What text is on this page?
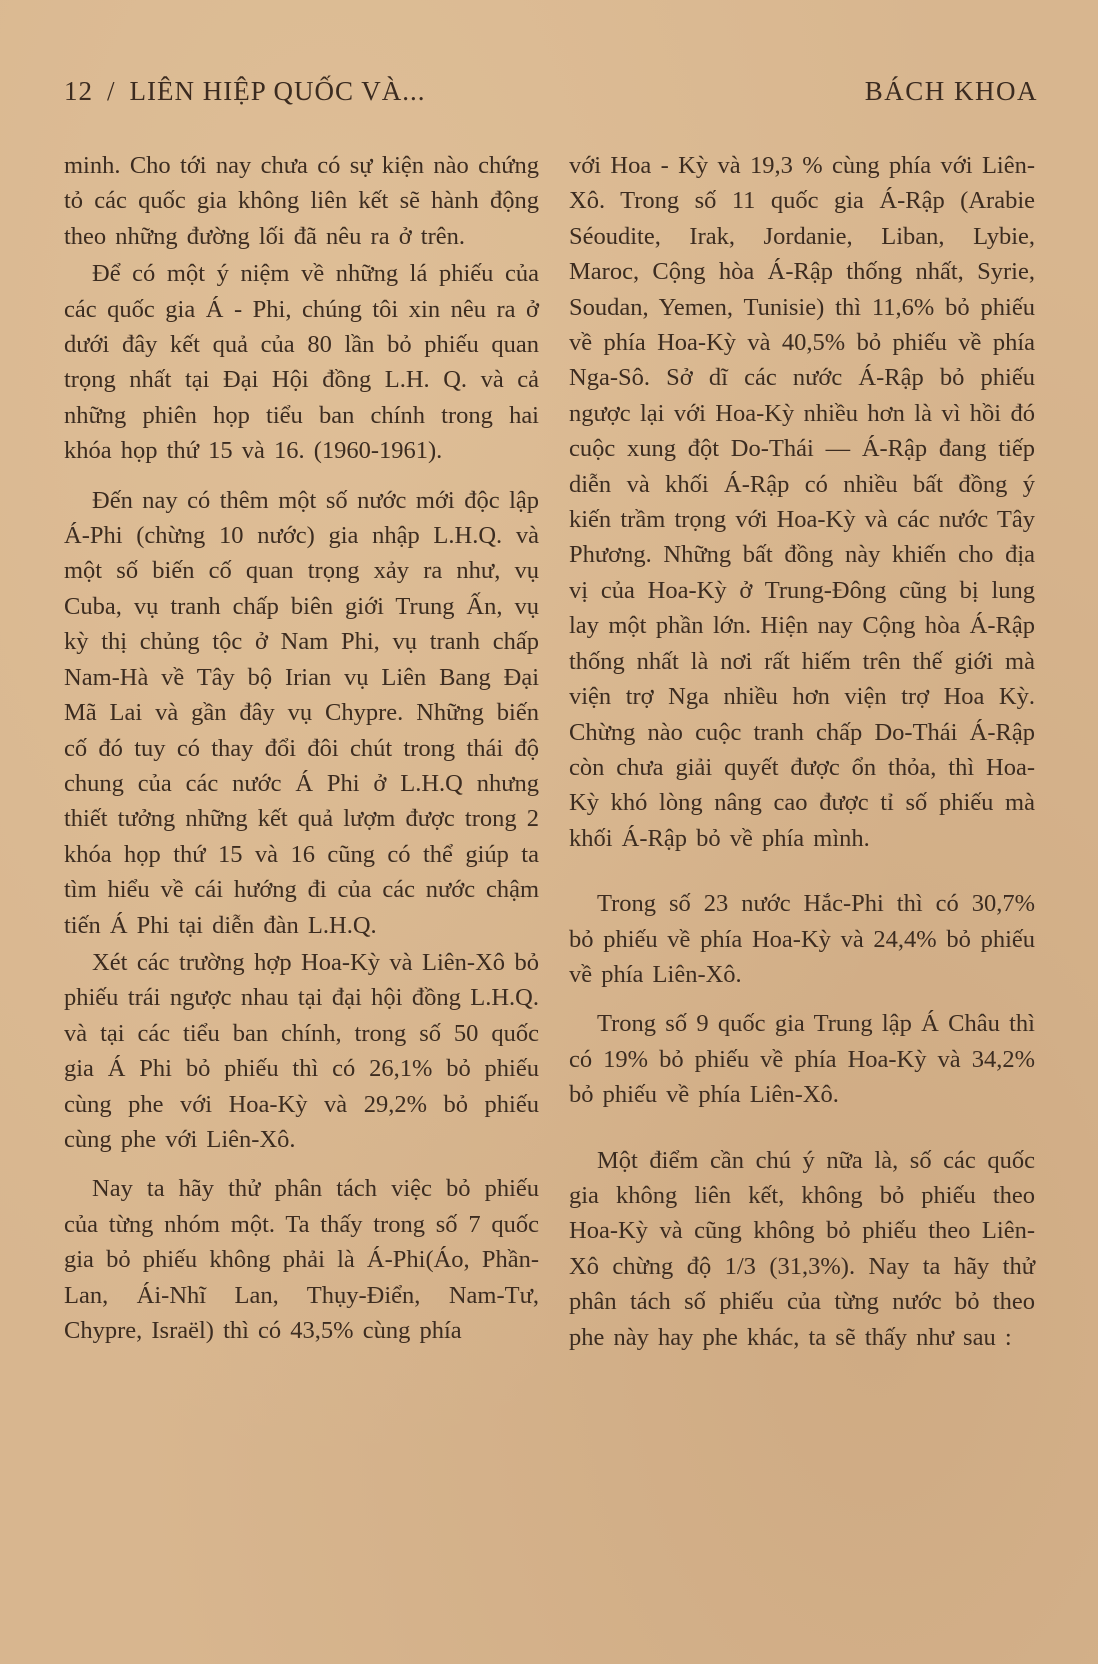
12 / LIÊN HIỆP QUỐC VÀ...	BÁCH KHOA

minh. Cho tới nay chưa có sự kiện nào chứng tỏ các quốc gia không liên kết sẽ hành động theo những đường lối đã nêu ra ở trên.

Để có một ý niệm về những lá phiếu của các quốc gia Á - Phi, chúng tôi xin nêu ra ở dưới đây kết quả của 80 lần bỏ phiếu quan trọng nhất tại Đại Hội đồng L.H. Q. và cả những phiên họp tiểu ban chính trong hai khóa họp thứ 15 và 16. (1960-1961).

Đến nay có thêm một số nước mới độc lập Á-Phi (chừng 10 nước) gia nhập L.H.Q. và một số biến cố quan trọng xảy ra như, vụ Cuba, vụ tranh chấp biên giới Trung Ấn, vụ kỳ thị chủng tộc ở Nam Phi, vụ tranh chấp Nam-Hà về Tây bộ Irian vụ Liên Bang Đại Mã Lai và gần đây vụ Chypre. Những biến cố đó tuy có thay đổi đôi chút trong thái độ chung của các nước Á Phi ở L.H.Q nhưng thiết tưởng những kết quả lượm được trong 2 khóa họp thứ 15 và 16 cũng có thể giúp ta tìm hiểu về cái hướng đi của các nước chậm tiến Á Phi tại diễn đàn L.H.Q.

Xét các trường hợp Hoa-Kỳ và Liên-Xô bỏ phiếu trái ngược nhau tại đại hội đồng L.H.Q. và tại các tiểu ban chính, trong số 50 quốc gia Á Phi bỏ phiếu thì có 26,1% bỏ phiếu cùng phe với Hoa-Kỳ và 29,2% bỏ phiếu cùng phe với Liên-Xô.

Nay ta hãy thử phân tách việc bỏ phiếu của từng nhóm một. Ta thấy trong số 7 quốc gia bỏ phiếu không phải là Á-Phi(Áo, Phần-Lan, Ái-Nhĩ Lan, Thụy-Điển, Nam-Tư, Chypre, Israël) thì có 43,5% cùng phía

với Hoa - Kỳ và 19,3 % cùng phía với Liên-Xô. Trong số 11 quốc gia Á-Rập (Arabie Séoudite, Irak, Jordanie, Liban, Lybie, Maroc, Cộng hòa Á-Rập thống nhất, Syrie, Soudan, Yemen, Tunisie) thì 11,6% bỏ phiếu về phía Hoa-Kỳ và 40,5% bỏ phiếu về phía Nga-Sô. Sở dĩ các nước Á-Rập bỏ phiếu ngược lại với Hoa-Kỳ nhiều hơn là vì hồi đó cuộc xung đột Do-Thái — Á-Rập đang tiếp diễn và khối Á-Rập có nhiều bất đồng ý kiến trầm trọng với Hoa-Kỳ và các nước Tây Phương. Những bất đồng này khiến cho địa vị của Hoa-Kỳ ở Trung-Đông cũng bị lung lay một phần lớn. Hiện nay Cộng hòa Á-Rập thống nhất là nơi rất hiếm trên thế giới mà viện trợ Nga nhiều hơn viện trợ Hoa Kỳ. Chừng nào cuộc tranh chấp Do-Thái Á-Rập còn chưa giải quyết được ổn thỏa, thì Hoa-Kỳ khó lòng nâng cao được tỉ số phiếu mà khối Á-Rập bỏ về phía mình.

Trong số 23 nước Hắc-Phi thì có 30,7% bỏ phiếu về phía Hoa-Kỳ và 24,4% bỏ phiếu về phía Liên-Xô.

Trong số 9 quốc gia Trung lập Á Châu thì có 19% bỏ phiếu về phía Hoa-Kỳ và 34,2% bỏ phiếu về phía Liên-Xô.

Một điểm cần chú ý nữa là, số các quốc gia không liên kết, không bỏ phiếu theo Hoa-Kỳ và cũng không bỏ phiếu theo Liên-Xô chừng độ 1/3 (31,3%). Nay ta hãy thử phân tách số phiếu của từng nước bỏ theo phe này hay phe khác, ta sẽ thấy như sau :
